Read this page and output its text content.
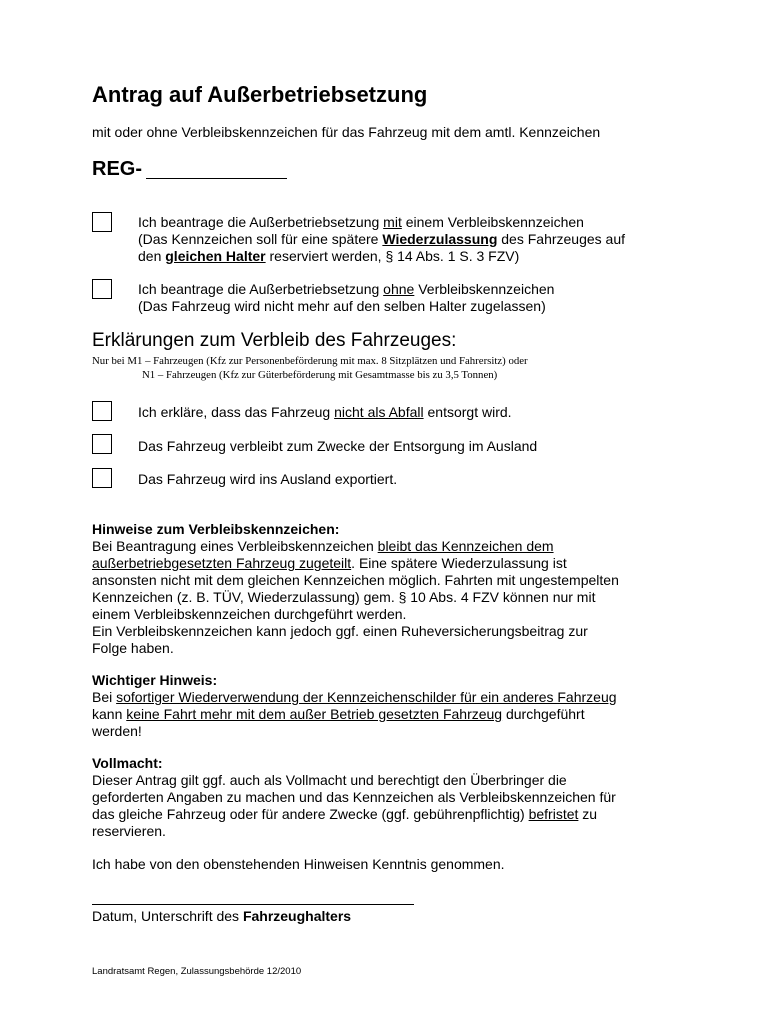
Antrag auf Außerbetriebsetzung
mit oder ohne Verbleibskennzeichen für das Fahrzeug mit dem amtl. Kennzeichen
REG-
Ich beantrage die Außerbetriebsetzung mit einem Verbleibskennzeichen
(Das Kennzeichen soll für eine spätere Wiederzulassung des Fahrzeuges auf
den gleichen Halter reserviert werden, § 14 Abs. 1 S. 3 FZV)
Ich beantrage die Außerbetriebsetzung ohne Verbleibskennzeichen
(Das Fahrzeug wird nicht mehr auf den selben Halter zugelassen)
Erklärungen zum Verbleib des Fahrzeuges:
Nur bei M1 – Fahrzeugen (Kfz zur Personenbeförderung mit max. 8 Sitzplätzen und Fahrersitz) oder
N1 – Fahrzeugen (Kfz zur Güterbeförderung mit Gesamtmasse bis zu 3,5 Tonnen)
Ich erkläre, dass das Fahrzeug nicht als Abfall entsorgt wird.
Das Fahrzeug verbleibt zum Zwecke der Entsorgung im Ausland
Das Fahrzeug wird ins Ausland exportiert.
Hinweise zum Verbleibskennzeichen:
Bei Beantragung eines Verbleibskennzeichen bleibt das Kennzeichen dem
außerbetriebgesetzten Fahrzeug zugeteilt. Eine spätere Wiederzulassung ist
ansonsten nicht mit dem gleichen Kennzeichen möglich. Fahrten mit ungestempelten
Kennzeichen (z. B. TÜV, Wiederzulassung) gem. § 10 Abs. 4 FZV können nur mit
einem Verbleibskennzeichen durchgeführt werden.
Ein Verbleibskennzeichen kann jedoch ggf. einen Ruheversicherungsbeitrag zur
Folge haben.
Wichtiger Hinweis:
Bei sofortiger Wiederverwendung der Kennzeichenschilder für ein anderes Fahrzeug
kann keine Fahrt mehr mit dem außer Betrieb gesetzten Fahrzeug durchgeführt
werden!
Vollmacht:
Dieser Antrag gilt ggf. auch als Vollmacht und berechtigt den Überbringer die
geforderten Angaben zu machen und das Kennzeichen als Verbleibskennzeichen für
das gleiche Fahrzeug oder für andere Zwecke (ggf. gebührenpflichtig) befristet zu
reservieren.
Ich habe von den obenstehenden Hinweisen Kenntnis genommen.
Datum, Unterschrift des Fahrzeughalters
Landratsamt Regen, Zulassungsbehörde 12/2010
